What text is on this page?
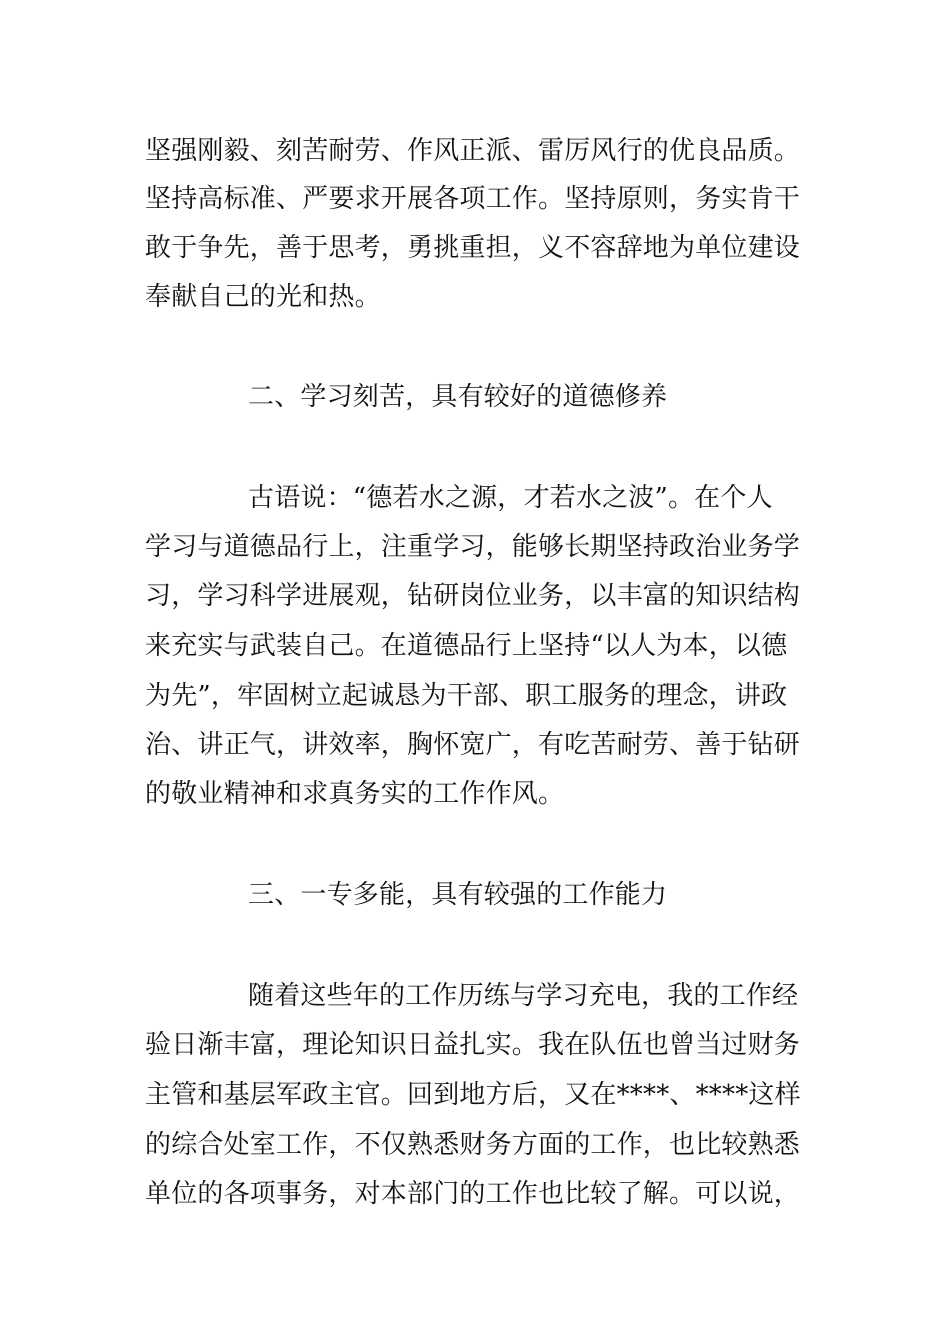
坚强刚毅、刻苦耐劳、作风正派、雷厉风行的优良品质。
坚持高标准、严要求开展各项工作。坚持原则，务实肯干
敢于争先，善于思考，勇挑重担，义不容辞地为单位建设
奉献自己的光和热。
二、学习刻苦，具有较好的道德修养
古语说：“德若水之源，才若水之波”。在个人
学习与道德品行上，注重学习，能够长期坚持政治业务学
习，学习科学进展观，钻研岗位业务，以丰富的知识结构
来充实与武装自己。在道德品行上坚持“以人为本，以德
为先”，牢固树立起诚恳为干部、职工服务的理念，讲政
治、讲正气，讲效率，胸怀宽广，有吃苦耐劳、善于钻研
的敬业精神和求真务实的工作作风。
三、一专多能，具有较强的工作能力
随着这些年的工作历练与学习充电，我的工作经
验日渐丰富，理论知识日益扎实。我在队伍也曾当过财务
主管和基层军政主官。回到地方后，又在****、****这样
的综合处室工作，不仅熟悉财务方面的工作，也比较熟悉
单位的各项事务，对本部门的工作也比较了解。可以说，
